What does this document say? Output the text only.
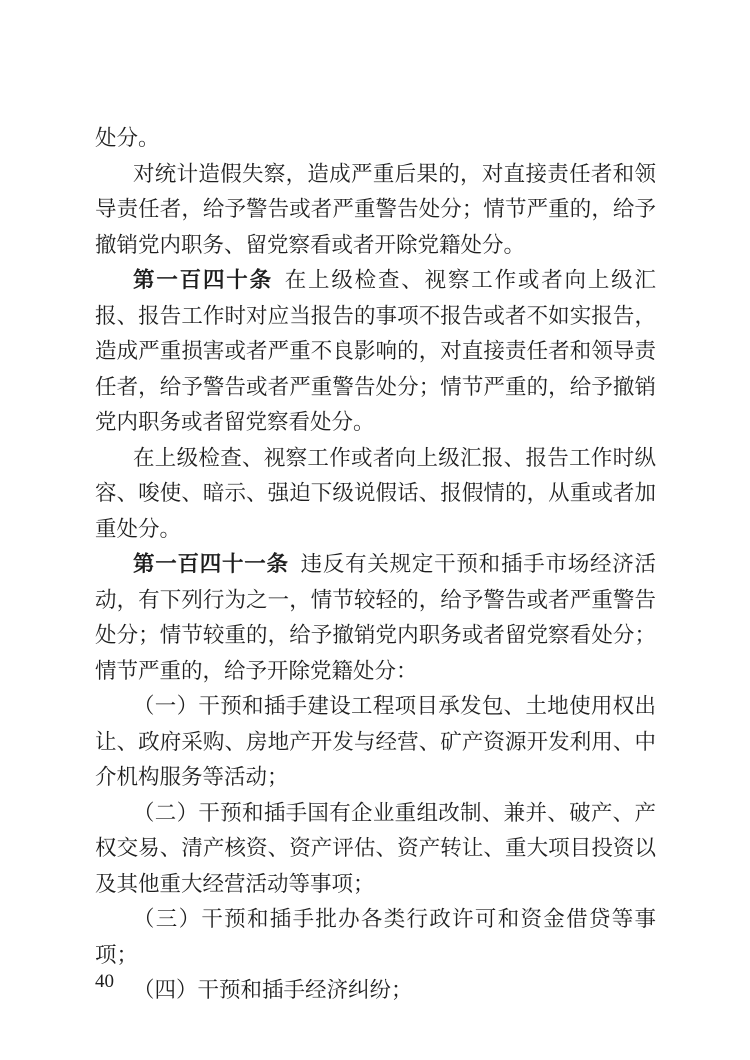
处分。

对统计造假失察，造成严重后果的，对直接责任者和领导责任者，给予警告或者严重警告处分；情节严重的，给予撤销党内职务、留党察看或者开除党籍处分。

第一百四十条 在上级检查、视察工作或者向上级汇报、报告工作时对应当报告的事项不报告或者不如实报告，造成严重损害或者严重不良影响的，对直接责任者和领导责任者，给予警告或者严重警告处分；情节严重的，给予撤销党内职务或者留党察看处分。

在上级检查、视察工作或者向上级汇报、报告工作时纵容、唆使、暗示、强迫下级说假话、报假情的，从重或者加重处分。

第一百四十一条 违反有关规定干预和插手市场经济活动，有下列行为之一，情节较轻的，给予警告或者严重警告处分；情节较重的，给予撤销党内职务或者留党察看处分；情节严重的，给予开除党籍处分：

（一）干预和插手建设工程项目承发包、土地使用权出让、政府采购、房地产开发与经营、矿产资源开发利用、中介机构服务等活动；

（二）干预和插手国有企业重组改制、兼并、破产、产权交易、清产核资、资产评估、资产转让、重大项目投资以及其他重大经营活动等事项；

（三）干预和插手批办各类行政许可和资金借贷等事项；

（四）干预和插手经济纠纷；

40
